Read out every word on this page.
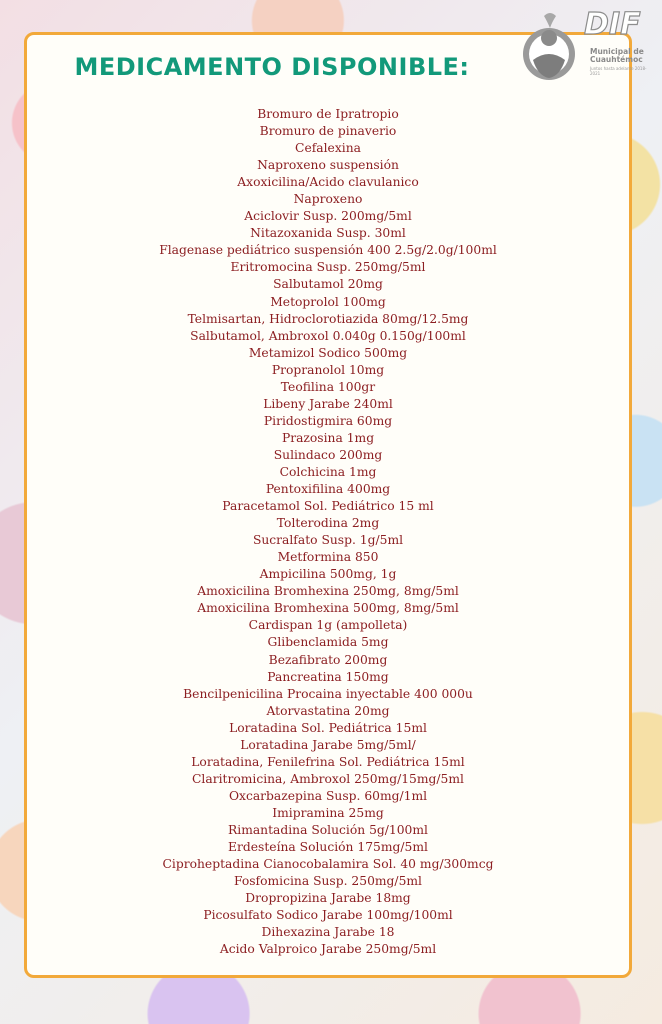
MEDICAMENTO DISPONIBLE:
Bromuro de Ipratropio
Bromuro de pinaverio
Cefalexina
Naproxeno suspensión
Axoxicilina/Acido clavulanico
Naproxeno
Aciclovir Susp. 200mg/5ml
Nitazoxanida Susp. 30ml
Flagenase pediátrico suspensión 400 2.5g/2.0g/100ml
Eritromocina Susp. 250mg/5ml
Salbutamol 20mg
Metoprolol 100mg
Telmisartan, Hidroclorotiazida 80mg/12.5mg
Salbutamol, Ambroxol 0.040g 0.150g/100ml
Metamizol Sodico 500mg
Propranolol 10mg
Teofilina 100gr
Libeny Jarabe 240ml
Piridostigmira 60mg
Prazosina 1mg
Sulindaco 200mg
Colchicina 1mg
Pentoxifilina 400mg
Paracetamol Sol. Pediátrico 15 ml
Tolterodina 2mg
Sucralfato Susp. 1g/5ml
Metformina 850
Ampicilina 500mg, 1g
Amoxicilina Bromhexina 250mg, 8mg/5ml
Amoxicilina Bromhexina 500mg, 8mg/5ml
Cardispan 1g (ampolleta)
Glibenclamida 5mg
Bezafibrato 200mg
Pancreatina 150mg
Bencilpenicilina Procaina inyectable 400 000u
Atorvastatina 20mg
Loratadina Sol. Pediátrica 15ml
Loratadina Jarabe 5mg/5ml/
Loratadina, Fenilefrina Sol. Pediátrica 15ml
Claritromicina, Ambroxol 250mg/15mg/5ml
Oxcarbazepina Susp. 60mg/1ml
Imipramina 25mg
Rimantadina Solución 5g/100ml
Erdesteína Solución 175mg/5ml
Ciproheptadina Cianocobalamira Sol. 40 mg/300mcg
Fosfomicina Susp. 250mg/5ml
Dropropizina Jarabe 18mg
Picosulfato Sodico Jarabe 100mg/100ml
Dihexazina Jarabe 18
Acido Valproico Jarabe 250mg/5ml
DIF
Municipal de
Cuauhtémoc
Juntos hasta adelante 2018-2021
